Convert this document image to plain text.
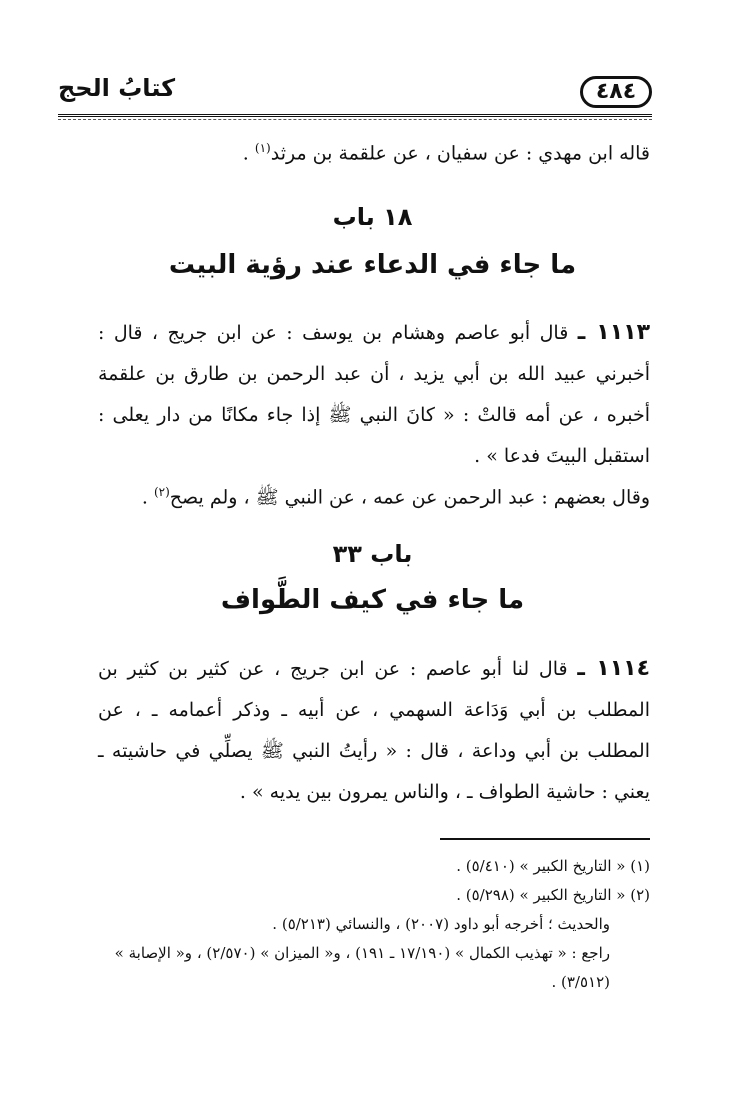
٤٨٤
كتابُ الحج
قاله ابن مهدي : عن سفيان ، عن علقمة بن مرثد$^{(١)}$ .
١٨ باب
ما جاء في الدعاء عند رؤية البيت
١١١٣ ـ قال أبو عاصم وهشام بن يوسف : عن ابن جريج ، قال : أخبرني عبيد الله بن أبي يزيد ، أن عبد الرحمن بن طارق بن علقمة أخبره ، عن أمه قالتْ : « كانَ النبي ﷺ إذا جاء مكانًا من دار يعلى : استقبل البيتَ فدعا » .
وقال بعضهم : عبد الرحمن عن عمه ، عن النبي ﷺ ، ولم يصح$^{(٢)}$ .
باب ٣٣
ما جاء في كيف الطَّواف
١١١٤ ـ قال لنا أبو عاصم : عن ابن جريج ، عن كثير بن كثير بن المطلب بن أبي وَدَاعة السهمي ، عن أبيه ـ وذكر أعمامه ـ ، عن المطلب بن أبي وداعة ، قال : « رأيتُ النبي ﷺ يصلِّي في حاشيته ـ يعني : حاشية الطواف ـ ، والناس يمرون بين يديه » .
(١) « التاريخ الكبير » (٥/٤١٠) .
(٢) « التاريخ الكبير » (٥/٢٩٨) .
والحديث ؛ أخرجه أبو داود (٢٠٠٧) ، والنسائي (٥/٢١٣) .
راجع : « تهذيب الكمال » (١٧/١٩٠ ـ ١٩١) ، و« الميزان » (٢/٥٧٠) ، و« الإصابة »
(٣/٥١٢) .
